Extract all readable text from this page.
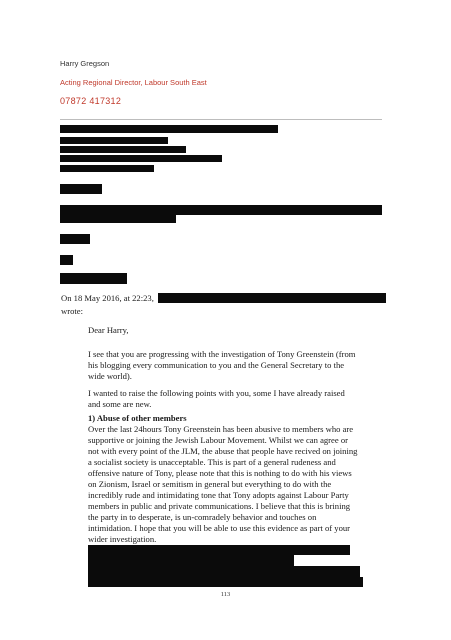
Harry Gregson
Acting Regional Director, Labour South East
07872 417312
On 18 May 2016, at 22:23,
wrote:
Dear Harry,
I see that you are progressing with the investigation of Tony Greenstein (from
his blogging every communication to you and the General Secretary to the
wide world).
I wanted to raise the following points with you, some I have already raised
and some are new.
1) Abuse of other members
Over the last 24hours Tony Greenstein has been abusive to members who are
supportive or joining the Jewish Labour Movement. Whilst we can agree or
not with every point of the JLM, the abuse that people have recived on joining
a socialist society is unacceptable. This is part of a general rudeness and
offensive nature of Tony, please note that this is nothing to do with his views
on Zionism, Israel or semitism in general but everything to do with the
incredibly rude and intimidating tone that Tony adopts against Labour Party
members in public and private communications. I believe that this is brining
the party in to desperate, is un-comradely behavior and touches on
intimidation. I hope that you will be able to use this evidence as part of your
wider investigation.
113
